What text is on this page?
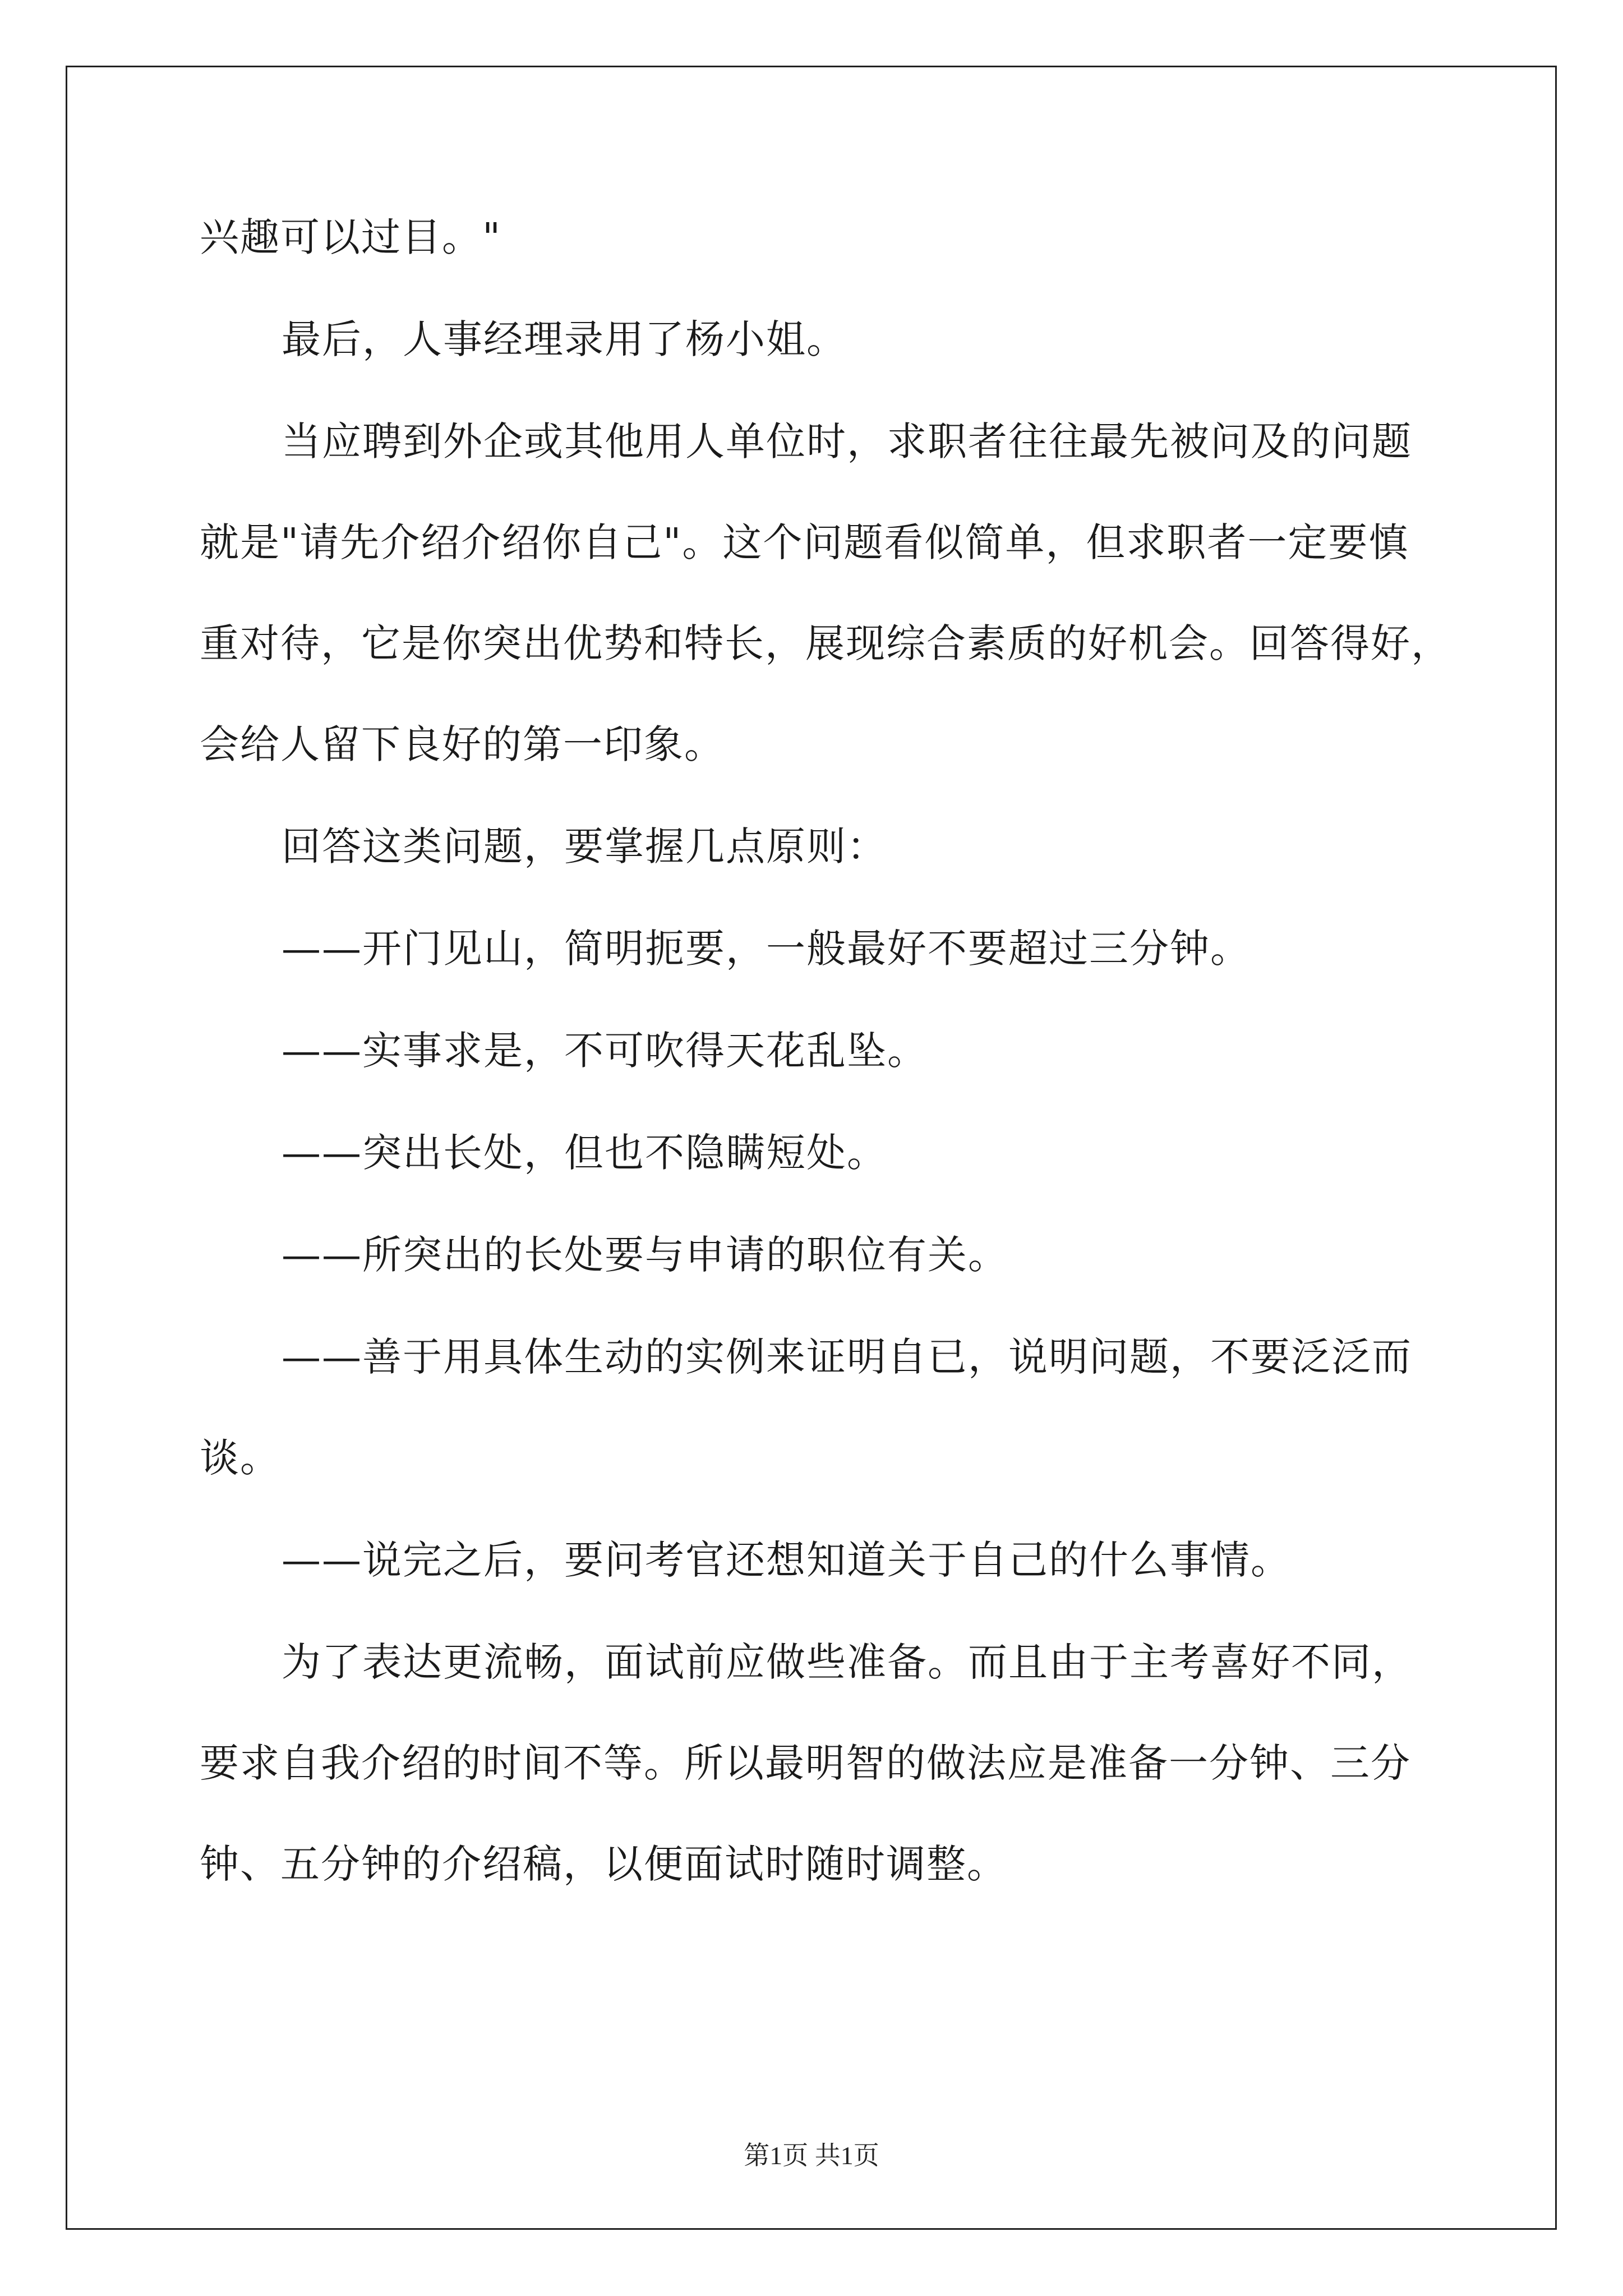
兴趣可以过目。"
最后，人事经理录用了杨小姐。
当应聘到外企或其他用人单位时，求职者往往最先被问及的问题
就是"请先介绍介绍你自己"。这个问题看似简单，但求职者一定要慎
重对待，它是你突出优势和特长，展现综合素质的好机会。回答得好，
会给人留下良好的第一印象。
回答这类问题，要掌握几点原则：
——开门见山，简明扼要，一般最好不要超过三分钟。
——实事求是，不可吹得天花乱坠。
——突出长处，但也不隐瞒短处。
——所突出的长处要与申请的职位有关。
——善于用具体生动的实例来证明自已，说明问题，不要泛泛而
谈。
——说完之后，要问考官还想知道关于自己的什么事情。
为了表达更流畅，面试前应做些准备。而且由于主考喜好不同，
要求自我介绍的时间不等。所以最明智的做法应是准备一分钟、三分
钟、五分钟的介绍稿，以便面试时随时调整。
第1页 共1页
